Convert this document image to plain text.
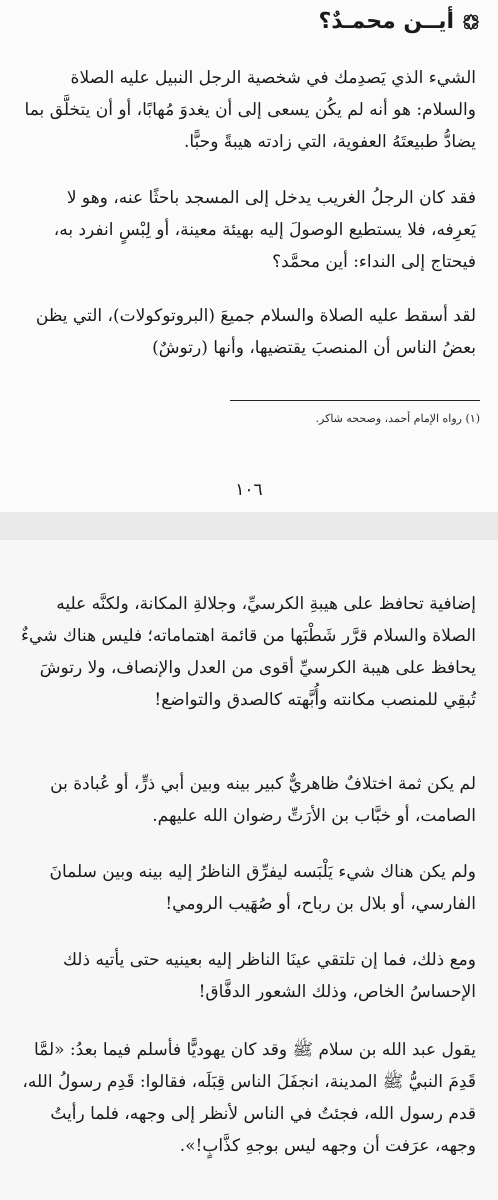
أيــن محمـدٌ؟

الشيء الذي يَصدِمك في شخصية الرجل النبيل عليه الصلاة والسلام: هو أنه لم يكُن يسعى إلى أن يغدوَ مُهابًا، أو أن يتخلَّق بما يضادُّ طبيعتَهُ العفوية، التي زادته هيبةً وحبًّا.

فقد كان الرجلُ الغريب يدخل إلى المسجد باحثًا عنه، وهو لا يَعرِفه، فلا يستطيع الوصولَ إليه بهيئة معينة، أو لِبْسٍ انفرد به، فيحتاج إلى النداء: أين محمَّد؟

لقد أسقط عليه الصلاة والسلام جميعَ (البروتوكولات)، التي يظن بعضُ الناس أن المنصبَ يقتضيها، وأنها (رتوشٌ)

(١) رواه الإمام أحمد، وصححه شاكر.
١٠٦

إضافية تحافظ على هيبةِ الكرسيِّ، وجلالةِ المكانة، ولكنَّه عليه الصلاة والسلام قرَّر شَطْبَها من قائمة اهتماماته؛ فليس هناك شيءٌ يحافظ على هيبة الكرسيِّ أقوى من العدل والإنصاف، ولا رتوشَ تُبقِي للمنصب مكانته وأُبَّهته كالصدق والتواضع!

لم يكن ثمة اختلافٌ ظاهريٌّ كبير بينه وبين أبي ذرٍّ، أو عُبادة بن الصامت، أو خبَّاب بن الأرَتِّ رضوان الله عليهم.

ولم يكن هناك شيء يَلْبَسه ليفرِّق الناظرُ إليه بينه وبين سلمانَ الفارسي، أو بلال بن رباح، أو صُهَيب الرومي!

ومع ذلك، فما إن تلتقي عينَا الناظر إليه بعينيه حتى يأتيه ذلك الإحساسُ الخاص، وذلك الشعور الدفَّاق!

يقول عبد الله بن سلام ﷺ وقد كان يهوديًّا فأسلم فيما بعدُ: «لمَّا قَدِمَ النبيُّ ﷺ المدينة، انجفَلَ الناس قِبَلَه، فقالوا: قَدِم رسولُ الله، قدم رسول الله، فجئتُ في الناس لأنظر إلى وجهه، فلما رأيتُ وجهه، عرَفت أن وجهه ليس بوجهِ كذَّابٍ!».
